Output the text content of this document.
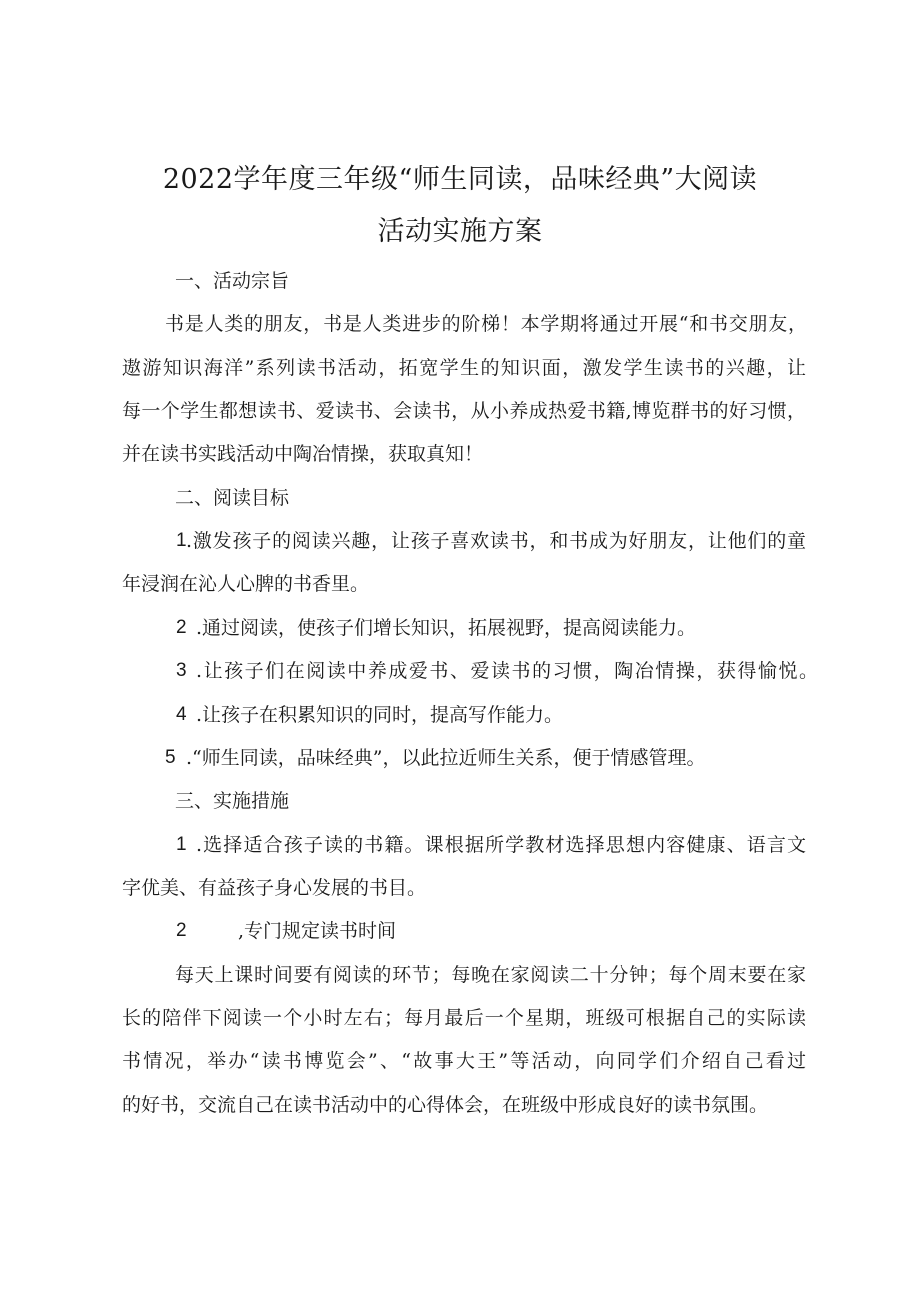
2022学年度三年级“师生同读，品味经典”大阅读
活动实施方案
一、活动宗旨
书是人类的朋友，书是人类进步的阶梯！本学期将通过开展“和书交朋友，
遨游知识海洋”系列读书活动，拓宽学生的知识面，激发学生读书的兴趣，让
每一个学生都想读书、爱读书、会读书，从小养成热爱书籍,博览群书的好习惯，
并在读书实践活动中陶冶情操，获取真知！
二、阅读目标
1 .激发孩子的阅读兴趣，让孩子喜欢读书，和书成为好朋友，让他们的童
年浸润在沁人心脾的书香里。
2 .通过阅读，使孩子们增长知识，拓展视野，提高阅读能力。
3 .让孩子们在阅读中养成爱书、爱读书的习惯，陶冶情操，获得愉悦。
4 .让孩子在积累知识的同时，提高写作能力。
5 .“师生同读，品味经典”，以此拉近师生关系，便于情感管理。
三、实施措施
1 .选择适合孩子读的书籍。课根据所学教材选择思想内容健康、语言文
字优美、有益孩子身心发展的书目。
2	,专门规定读书时间
每天上课时间要有阅读的环节；每晚在家阅读二十分钟；每个周末要在家
长的陪伴下阅读一个小时左右；每月最后一个星期，班级可根据自己的实际读
书情况，举办“读书博览会”、“故事大王”等活动，向同学们介绍自己看过
的好书，交流自己在读书活动中的心得体会，在班级中形成良好的读书氛围。
